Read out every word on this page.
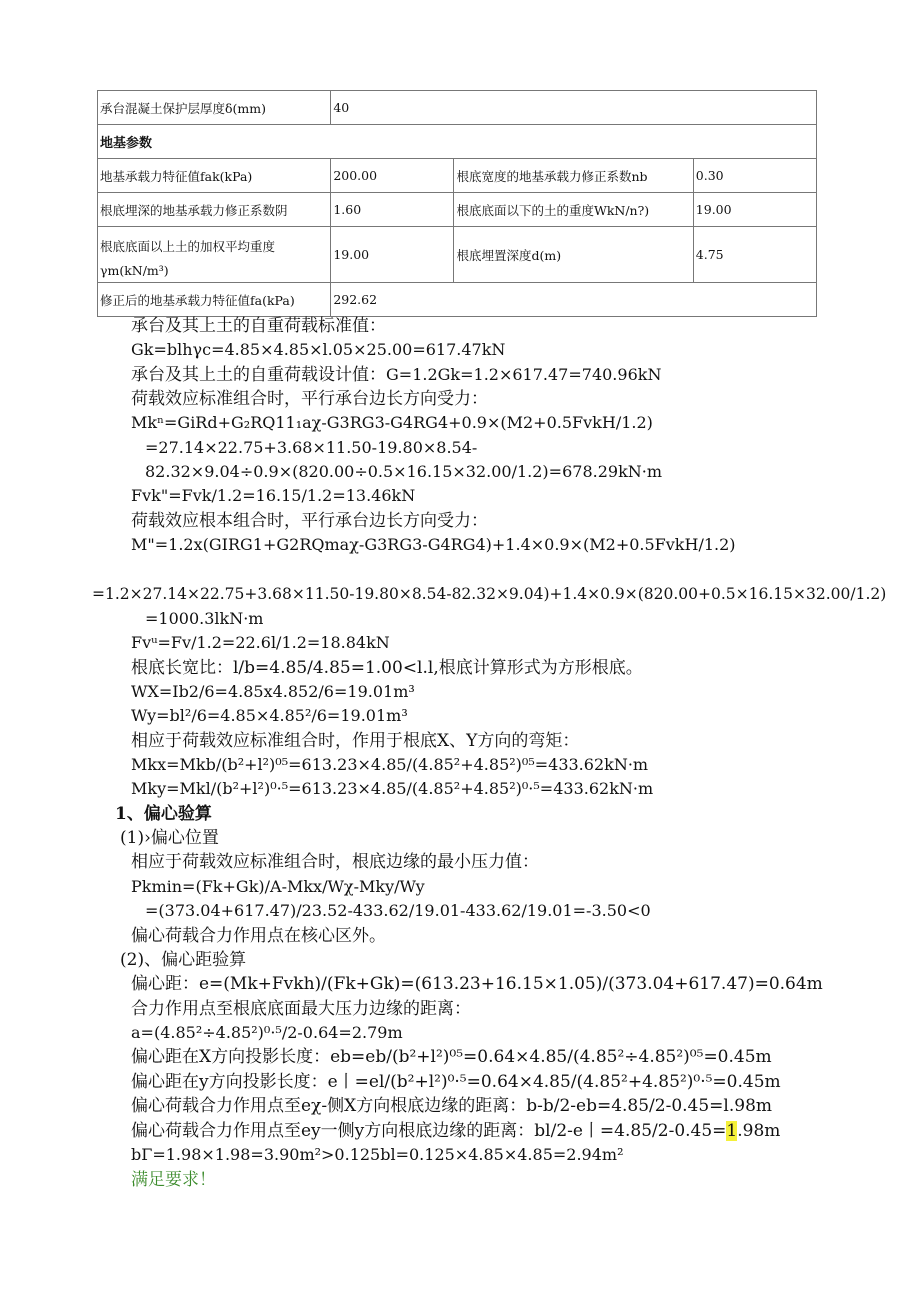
承台混凝土保护层厚度δ(mm)	40		
地基参数			
地基承载力特征值fak(kPa)	200.00	根底宽度的地基承载力修正系数nb	0.30
根底埋深的地基承载力修正系数阴	1.60	根底底面以下的土的重度WkN/n?)	19.00

根底底面以上土的加权平均重度
γm(kN/m³)	19.00	根底埋置深度d(m)	4.75
修正后的地基承载力特征值fa(kPa)	292.62		
承台及其上土的自重荷载标准值：
Gk=blhγc=4.85×4.85×l.05×25.00=617.47kN
承台及其上土的自重荷载设计值：G=1.2Gk=1.2×617.47=740.96kN
荷载效应标准组合时，平行承台边长方向受力：
Mkⁿ=GiRd+G₂RQ11₁aχ-G3RG3-G4RG4+0.9×(M2+0.5FvkH/1.2)
=27.14×22.75+3.68×11.50-19.80×8.54-
82.32×9.04÷0.9×(820.00÷0.5×16.15×32.00/1.2)=678.29kN·m
Fvk"=Fvk/1.2=16.15/1.2=13.46kN
荷载效应根本组合时，平行承台边长方向受力：
M"=1.2x(GIRG1+G2RQmaχ-G3RG3-G4RG4)+1.4×0.9×(M2+0.5FvkH/1.2)
=1.2×27.14×22.75+3.68×11.50-19.80×8.54-82.32×9.04)+1.4×0.9×(820.00+0.5×16.15×32.00/1.2)
=1000.3lkN·m
Fvᵘ=Fv/1.2=22.6l/1.2=18.84kN
根底长宽比：l/b=4.85/4.85=1.00<l.l,根底计算形式为方形根底。
WX=Ib2/6=4.85x4.852/6=19.01m³
Wy=bl²/6=4.85×4.85²/6=19.01m³
相应于荷载效应标准组合时，作用于根底X、Y方向的弯矩：
Mkx=Mkb/(b²+l²)⁰⁵=613.23×4.85/(4.85²+4.85²)⁰⁵=433.62kN·m
Mky=Mkl/(b²+l²)⁰·⁵=613.23×4.85/(4.85²+4.85²)⁰·⁵=433.62kN·m
1、偏心验算
(1)›偏心位置
相应于荷载效应标准组合时，根底边缘的最小压力值：
Pkmin=(Fk+Gk)/A-Mkx/Wχ-Mky/Wy
=(373.04+617.47)/23.52-433.62/19.01-433.62/19.01=-3.50<0
偏心荷载合力作用点在核心区外。
(2)、偏心距验算
偏心距：e=(Mk+Fvkh)/(Fk+Gk)=(613.23+16.15×1.05)/(373.04+617.47)=0.64m
合力作用点至根底底面最大压力边缘的距离：
a=(4.85²÷4.85²)⁰·⁵/2-0.64=2.79m
偏心距在X方向投影长度：eb=eb/(b²+l²)⁰⁵=0.64×4.85/(4.85²÷4.85²)⁰⁵=0.45m
偏心距在y方向投影长度：e丨=el/(b²+l²)⁰·⁵=0.64×4.85/(4.85²+4.85²)⁰·⁵=0.45m
偏心荷载合力作用点至eχ-侧X方向根底边缘的距离：b-b/2-eb=4.85/2-0.45=l.98m
偏心荷载合力作用点至ey一侧y方向根底边缘的距离：bl/2-e丨=4.85/2-0.45=1.98m
bΓ=1.98×1.98=3.90m²>0.125bl=0.125×4.85×4.85=2.94m²
满足要求！
